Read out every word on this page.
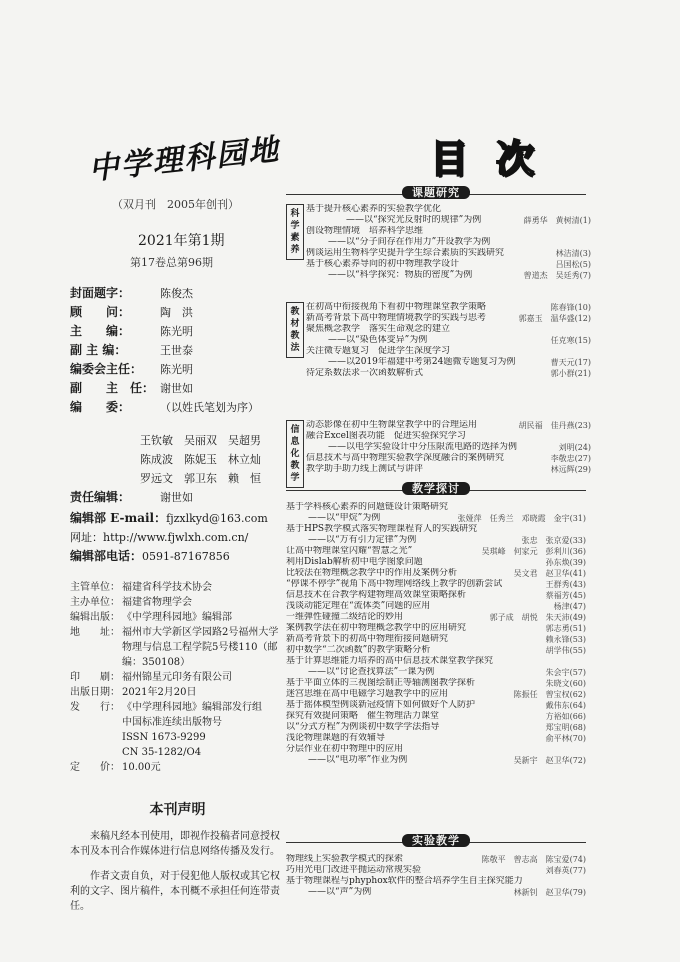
中学理科园地
（双月刊　2005年创刊）
2021年第1期
第17卷总第96期
封面题字：	陈俊杰
顾　　问：	陶　洪
主　　编：	陈光明
副 主 编：	王世泰
编委会主任：	陈光明
副　　主　任： 谢世如
编　　委：	（以姓氏笔划为序）
王钦敏　吴丽双　吴超男
陈成波　陈妮玉　林立灿
罗远文　郭卫东　赖　恒
责任编辑：	谢世如
编辑部 E-mail：fjzxlkyd@163.com
网址：http://www.fjwlxh.com.cn/
编辑部电话：0591-87167856
主管单位： 福建省科学技术协会
主办单位： 福建省物理学会
编辑出版： 《中学理科园地》编辑部
地　　址： 福州市大学新区学园路2号福州大学物理与信息工程学院5号楼110（邮编：350108）
印　　刷： 福州锦星元印务有限公司
出版日期： 2021年2月20日
发　　行： 《中学理科园地》编辑部发行组
中国标准连续出版物号
ISSN 1673-9299
CN 35-1282/O4
定　　价： 10.00元
本刊声明
来稿凡经本刊使用，即视作投稿者同意授权本刊及本刊合作媒体进行信息网络传播及发行。
作者文责自负，对于侵犯他人版权或其它权利的文字、图片稿件，本刊概不承担任何连带责任。
目次
课题研究
科学素养
基于提升核心素养的实验教学优化
——以“探究光反射时的规律”为例	薛勇华　黄树清(1)
创设物理情境　培养科学思维
——以“分子间存在作用力”开设教学为例
例谈运用生物科学史提升学生综合素质的实践研究	林洁清(3)
基于核心素养导向的初中物理教学设计	吕国松(5)
——以“科学探究：物质的密度”为例	曾道杰　吴廷秀(7)
教材教法
在初高中衔接视角下看初中物理课堂教学策略	陈春锋(10)
新高考背景下高中物理情境教学的实践与思考	郭嘉玉　温华盛(12)
聚焦概念教学　落实生命观念的建立
——以“染色体变异”为例	任克寒(15)
关注微专题复习　促进学生深度学习
——以2019年福建中考第24题微专题复习为例	曹天元(17)
待定系数法求一次函数解析式	郭小群(21)
信息化教学
动态影像在初中生物课堂教学中的合理运用	胡民福　佳丹燕(23)
融合Excel图表功能　促进实验探究学习
——以电学实验设计中分压限流电路的选择为例	刘明(24)
信息技术与高中物理实验教学深度融合的案例研究	李敬忠(27)
教学助手助力线上测试与讲评	林远辉(29)
教学探讨
基于学科核心素养的问题链设计策略研究
——以“甲烷”为例	张娅萍　任秀兰　邓晓霞　金宇(31)
基于HPS教学模式落实物理课程育人的实践研究
——以“万有引力定律”为例	张忠　张京爱(33)
让高中物理课堂闪耀“智慧之光”	吴琪峰　何家元　彭利川(36)
利用Dislab解析初中电学图象问题	孙东焕(39)
比较法在物理概念教学中的作用及案例分析	吴文君　赵卫华(41)
“停课不停学”视角下高中物理网络线上教学的创新尝试	王群秀(43)
信息技术在合教学构建物理高效课堂策略探析	蔡福芳(45)
浅谈动能定理在“流体类”问题的应用	杨津(47)
一维弹性碰撞二级结论的妙用	郭子成　胡悦　朱天沛(49)
案例教学法在初中物理概念教学中的应用研究	郭志勇(51)
新高考背景下的初高中物理衔接问题研究	赖永锋(53)
初中数学“二次函数”的教学策略分析	胡学伟(55)
基于计算思维能力培养的高中信息技术课堂教学探究
——以“讨论查找算法”一课为例	朱会宇(57)
基于平面立体的三视图绘制正等轴测图教学探析	朱晓文(60)
迷宫思维在高中电磁学习题教学中的应用	陈振任　曾宝权(62)
基于摇体模型例谈新冠疫情下如何做好个人防护	戴伟东(64)
探究有效提问策略　催生物理活力课堂	方裕如(66)
以“分式方程”为例谈初中数学学法指导	郑宝明(68)
浅论物理课题的有效辅导	俞平林(70)
分层作业在初中物理中的应用
——以“电功率”作业为例	吴新宇　赵卫华(72)
实验教学
物理线上实验教学模式的探索	陈敬平　曾志高　陈宝爱(74)
巧用光电门改进平抛运动常规实验	刘春英(77)
基于物理课程与phyphox软件的整合培养学生自主探究能力
——以“声”为例	林新钊　赵卫华(79)
